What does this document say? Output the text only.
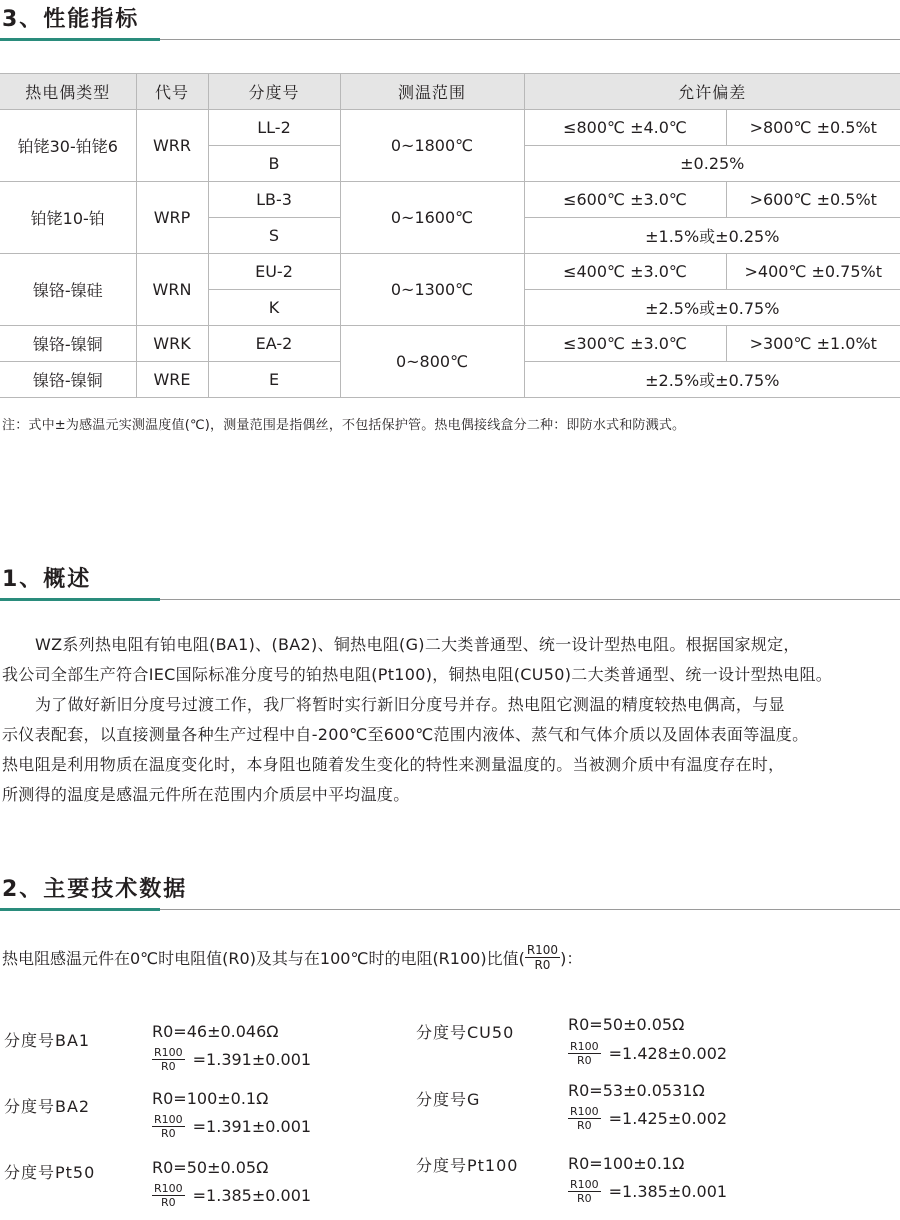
3、性能指标
热电偶类型	代号	分度号	测温范围	允许偏差	
铂铑30-铂铑6	WRR	LL-2	0~1800℃	≤800℃ ±4.0℃	>800℃ ±0.5%t
		B		±0.25%	
铂铑10-铂	WRP	LB-3	0~1600℃	≤600℃ ±3.0℃	>600℃ ±0.5%t
		S		±1.5%或±0.25%	
镍铬-镍硅	WRN	EU-2	0~1300℃	≤400℃ ±3.0℃	>400℃ ±0.75%t
		K		±2.5%或±0.75%	
镍铬-镍铜	WRK	EA-2	0~800℃	≤300℃ ±3.0℃	>300℃ ±1.0%t
镍铬-镍铜	WRE	E		±2.5%或±0.75%	
注：式中±为感温元实测温度值(℃)，测量范围是指偶丝，不包括保护管。热电偶接线盒分二种：即防水式和防溅式。
1、概述
WZ系列热电阻有铂电阻(BA1)、(BA2)、铜热电阻(G)二大类普通型、统一设计型热电阻。根据国家规定，
我公司全部生产符合IEC国际标准分度号的铂热电阻(Pt100)，铜热电阻(CU50)二大类普通型、统一设计型热电阻。
为了做好新旧分度号过渡工作，我厂将暂时实行新旧分度号并存。热电阻它测温的精度较热电偶高，与显
示仪表配套，以直接测量各种生产过程中自-200℃至600℃范围内液体、蒸气和气体介质以及固体表面等温度。
热电阻是利用物质在温度变化时，本身阻也随着发生变化的特性来测量温度的。当被测介质中有温度存在时，
所测得的温度是感温元件所在范围内介质层中平均温度。
2、主要技术数据
热电阻感温元件在0℃时电阻值(R0)及其与在100℃时的电阻(R100)比值( $\frac{R100}{R0}$ )：
分度号BA1	R0=46±0.046Ω
$\frac{R100}{R0} =1.391\pm 0.001$
分度号BA2	R0=100±0.1Ω
$\frac{R100}{R0} =1.391\pm 0.001$
分度号Pt50	R0=50±0.05Ω
$\frac{R100}{R0} =1.385\pm 0.001$
分度号CU50	R0=50±0.05Ω
$\frac{R100}{R0} =1.428\pm 0.002$
分度号G	R0=53±0.0531Ω
$\frac{R100}{R0} =1.425\pm 0.002$
分度号Pt100	R0=100±0.1Ω
$\frac{R100}{R0} =1.385\pm 0.001$
